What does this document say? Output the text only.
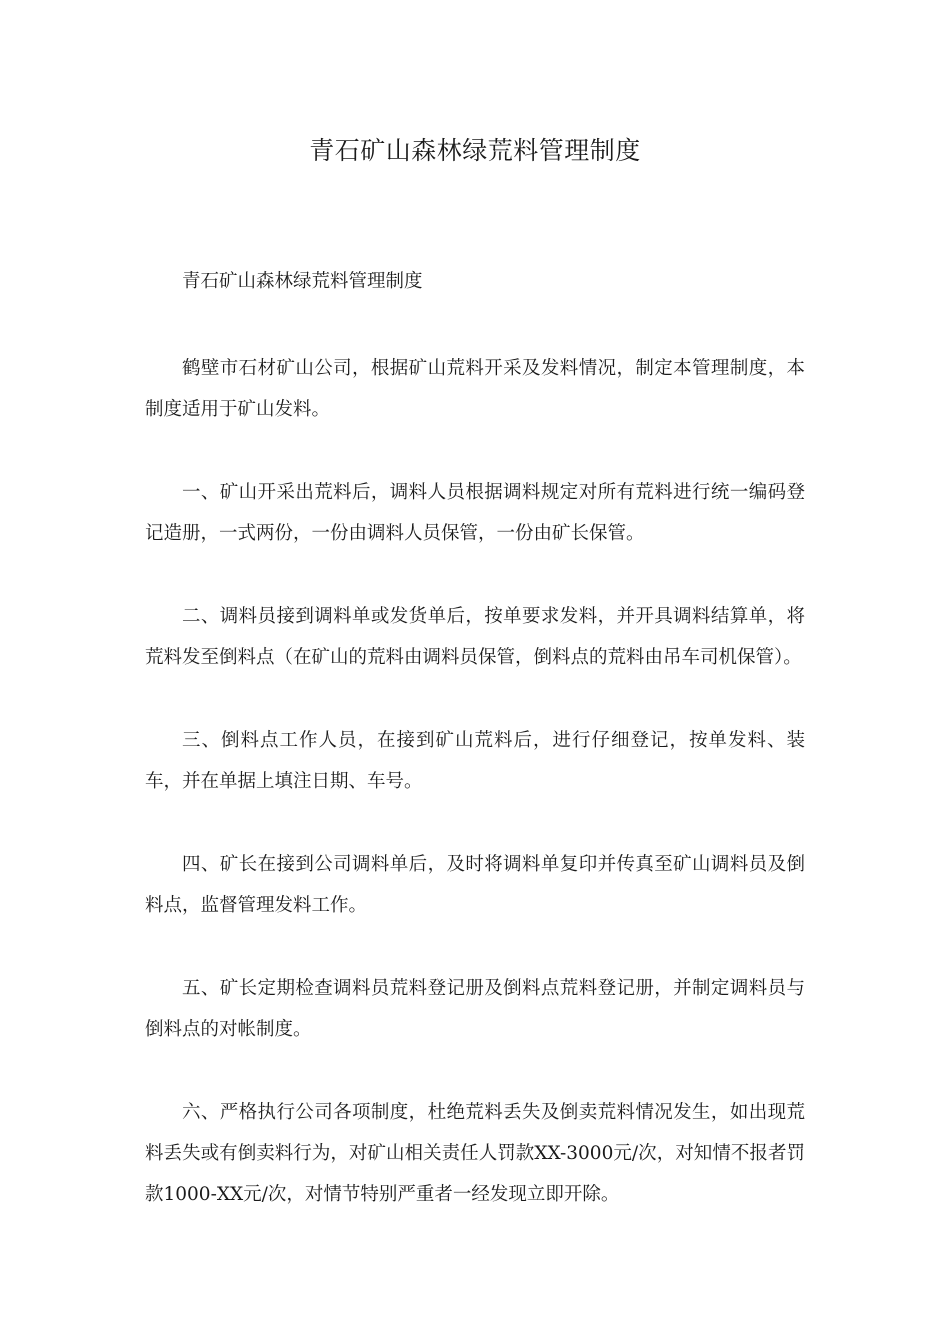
青石矿山森林绿荒料管理制度

青石矿山森林绿荒料管理制度

鹤壁市石材矿山公司，根据矿山荒料开采及发料情况，制定本管理制度，本制度适用于矿山发料。

一、矿山开采出荒料后，调料人员根据调料规定对所有荒料进行统一编码登记造册，一式两份，一份由调料人员保管，一份由矿长保管。

二、调料员接到调料单或发货单后，按单要求发料，并开具调料结算单，将荒料发至倒料点（在矿山的荒料由调料员保管，倒料点的荒料由吊车司机保管）。

三、倒料点工作人员，在接到矿山荒料后，进行仔细登记，按单发料、装车，并在单据上填注日期、车号。

四、矿长在接到公司调料单后，及时将调料单复印并传真至矿山调料员及倒料点，监督管理发料工作。

五、矿长定期检查调料员荒料登记册及倒料点荒料登记册，并制定调料员与倒料点的对帐制度。

六、严格执行公司各项制度，杜绝荒料丢失及倒卖荒料情况发生，如出现荒料丢失或有倒卖料行为，对矿山相关责任人罚款XX-3000元/次，对知情不报者罚款1000-XX元/次，对情节特别严重者一经发现立即开除。
